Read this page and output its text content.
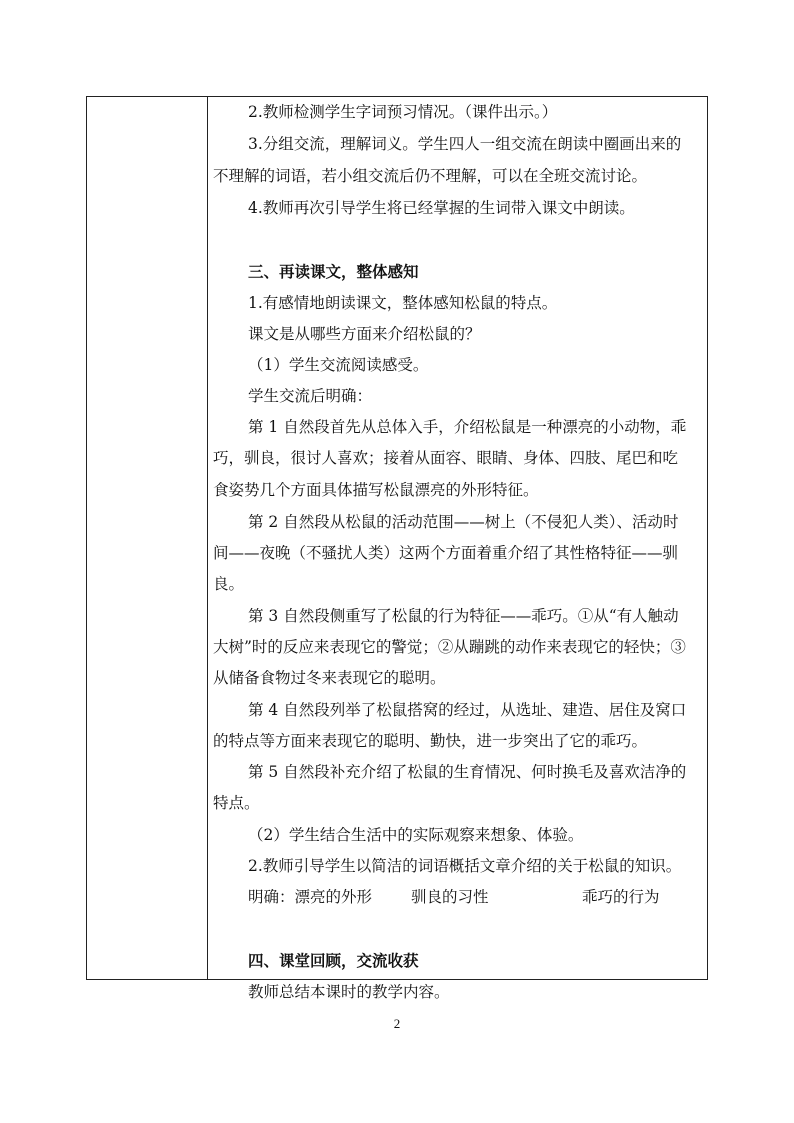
2.教师检测学生字词预习情况。（课件出示。）
3.分组交流，理解词义。学生四人一组交流在朗读中圈画出来的
不理解的词语，若小组交流后仍不理解，可以在全班交流讨论。
4.教师再次引导学生将已经掌握的生词带入课文中朗读。
三、再读课文，整体感知
1.有感情地朗读课文，整体感知松鼠的特点。
课文是从哪些方面来介绍松鼠的？
（1）学生交流阅读感受。
学生交流后明确：
第 1 自然段首先从总体入手，介绍松鼠是一种漂亮的小动物，乖
巧，驯良，很讨人喜欢；接着从面容、眼睛、身体、四肢、尾巴和吃
食姿势几个方面具体描写松鼠漂亮的外形特征。
第 2 自然段从松鼠的活动范围——树上（不侵犯人类）、活动时
间——夜晚（不骚扰人类）这两个方面着重介绍了其性格特征——驯
良。
第 3 自然段侧重写了松鼠的行为特征——乖巧。①从“有人触动
大树”时的反应来表现它的警觉；②从蹦跳的动作来表现它的轻快；③
从储备食物过冬来表现它的聪明。
第 4 自然段列举了松鼠搭窝的经过，从选址、建造、居住及窝口
的特点等方面来表现它的聪明、勤快，进一步突出了它的乖巧。
第 5 自然段补充介绍了松鼠的生育情况、何时换毛及喜欢洁净的
特点。
（2）学生结合生活中的实际观察来想象、体验。
2.教师引导学生以简洁的词语概括文章介绍的关于松鼠的知识。
明确：漂亮的外形	驯良的习性	乖巧的行为
四、课堂回顾，交流收获
教师总结本课时的教学内容。
2
